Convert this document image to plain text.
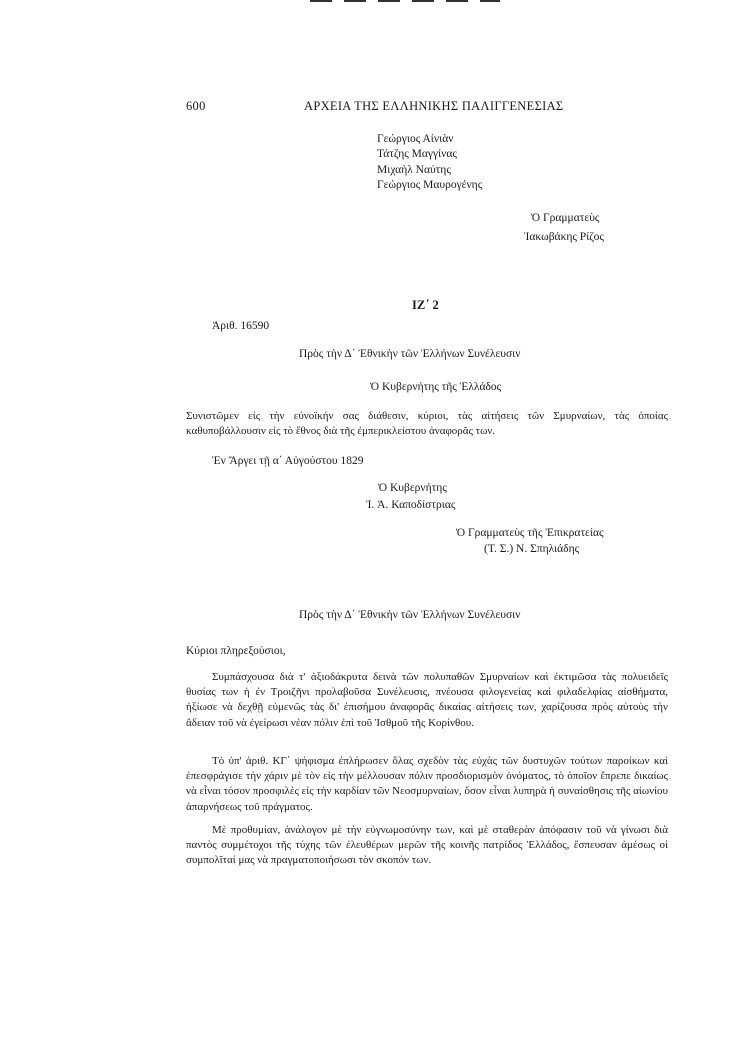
600	ΑΡΧΕΙΑ ΤΗΣ ΕΛΛΗΝΙΚΗΣ ΠΑΛΙΓΓΕΝΕΣΙΑΣ
Γεώργιος Αἰνιὰν
Τάτζης Μαγγίνας
Μιχαὴλ Ναύτης
Γεώργιος Μαυρογένης
Ὁ Γραμματεὺς
Ἰακωβάκης Ρίζος
ΙΖ΄ 2
Ἀριθ. 16590
Πρὸς τὴν Δ΄ Ἐθνικὴν τῶν Ἑλλήνων Συνέλευσιν
Ὁ Κυβερνήτης τῆς Ἑλλάδος

Συνιστῶμεν εἰς τὴν εὐνοϊκήν σας διάθεσιν, κύριοι, τὰς αἰτήσεις τῶν Σμυρναίων, τὰς ὁποίας καθυποβάλλουσιν εἰς τὸ ἔθνος διὰ τῆς ἐμπερικλείστου ἀναφορᾶς των.

Ἐν Ἄργει τῇ α΄ Αὐγούστου 1829
Ὁ Κυβερνήτης
Ἰ. Ἀ. Καποδίστριας
Ὁ Γραμματεὺς τῆς Ἐπικρατείας
(Τ. Σ.) Ν. Σπηλιάδης
Πρὸς τὴν Δ΄ Ἐθνικὴν τῶν Ἑλλήνων Συνέλευσιν
Κύριοι πληρεξούσιοι,

Συμπάσχουσα διὰ τ' ἀξιοδάκρυτα δεινὰ τῶν πολυπαθῶν Σμυρναίων καὶ ἐκτιμῶσα τὰς πολυειδεῖς θυσίας των ἡ ἐν Τροιζῆνι προλαβοῦσα Συνέλευσις, πνέουσα φιλογενείας καὶ φιλαδελφίας αἰσθήματα, ἠξίωσε νὰ δεχθῇ εὐμενῶς τὰς δι' ἐπισήμου ἀναφορᾶς δικαίας αἰτήσεις των, χαρίζουσα πρὸς αὐτοὺς τὴν ἄδειαν τοῦ νὰ ἐγείρωσι νέαν πόλιν ἐπὶ τοῦ Ἰσθμοῦ τῆς Κορίνθου.

Τὸ ὑπ' ἀριθ. ΚΓ΄ ψήφισμα ἐπλήρωσεν ὅλας σχεδὸν τὰς εὐχὰς τῶν δυστυχῶν τούτων παροίκων καὶ ἐπεσφράγισε τὴν χάριν μὲ τὸν εἰς τὴν μέλλουσαν πόλιν προσδιορισμὸν ὀνόματος, τὸ ὁποῖον ἔπρεπε δικαίως νὰ εἶναι τόσον προσφιλὲς εἰς τὴν καρδίαν τῶν Νεοσμυρναίων, ὅσον εἶναι λυπηρὰ ἡ συναίσθησις τῆς αἰωνίου ἀπαρνήσεως τοῦ πράγματος.

Μὲ προθυμίαν, ἀνάλογον μὲ τὴν εὐγνωμοσύνην των, καὶ μὲ σταθερὰν ἀπόφασιν τοῦ νὰ γίνωσι διὰ παντὸς συμμέτοχοι τῆς τύχης τῶν ἐλευθέρων μερῶν τῆς κοινῆς πατρίδος Ἑλλάδος, ἔσπευσαν ἀμέσως οἱ συμπολῖταί μας νὰ πραγματοποιήσωσι τὸν σκοπόν των.
